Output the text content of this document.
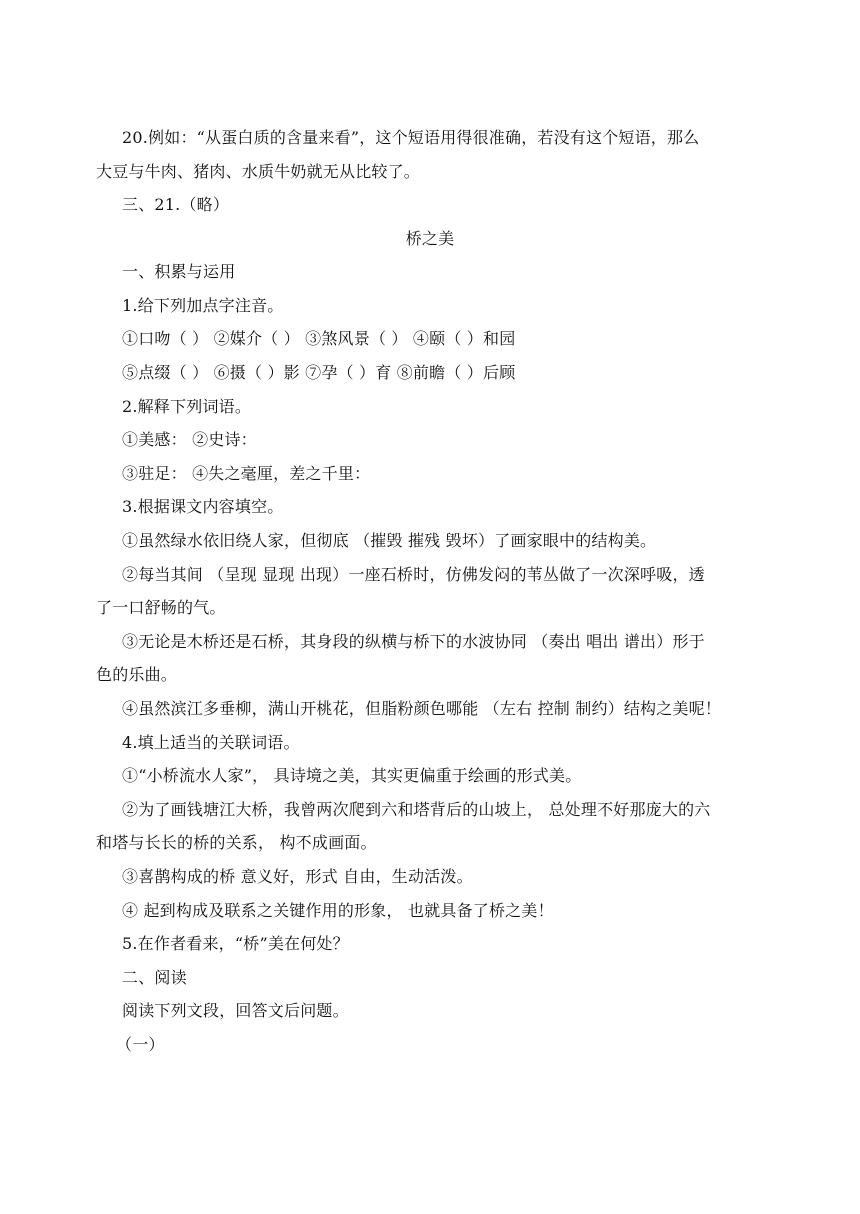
20.例如：“从蛋白质的含量来看”，这个短语用得很准确，若没有这个短语，那么
大豆与牛肉、猪肉、水质牛奶就无从比较了。
三、21.（略）
桥之美
一、积累与运用
1.给下列加点字注音。
①口吻（ ） ②媒介（ ） ③煞风景（ ） ④颐（ ）和园
⑤点缀（ ） ⑥摄（ ）影 ⑦孕（ ）育 ⑧前瞻（ ）后顾
2.解释下列词语。
①美感： ②史诗：
③驻足： ④失之毫厘，差之千里：
3.根据课文内容填空。
①虽然绿水依旧绕人家，但彻底 （摧毁 摧残 毁坏）了画家眼中的结构美。
②每当其间 （呈现 显现 出现）一座石桥时，仿佛发闷的苇丛做了一次深呼吸，透
了一口舒畅的气。
③无论是木桥还是石桥，其身段的纵横与桥下的水波协同 （奏出 唱出 谱出）形于
色的乐曲。
④虽然滨江多垂柳，满山开桃花，但脂粉颜色哪能 （左右 控制 制约）结构之美呢！
4.填上适当的关联词语。
①“小桥流水人家”， 具诗境之美，其实更偏重于绘画的形式美。
②为了画钱塘江大桥，我曾两次爬到六和塔背后的山坡上， 总处理不好那庞大的六
和塔与长长的桥的关系， 构不成画面。
③喜鹊构成的桥 意义好，形式 自由，生动活泼。
④ 起到构成及联系之关键作用的形象， 也就具备了桥之美！
5.在作者看来，“桥”美在何处？
二、阅读
阅读下列文段，回答文后问题。
（一）
